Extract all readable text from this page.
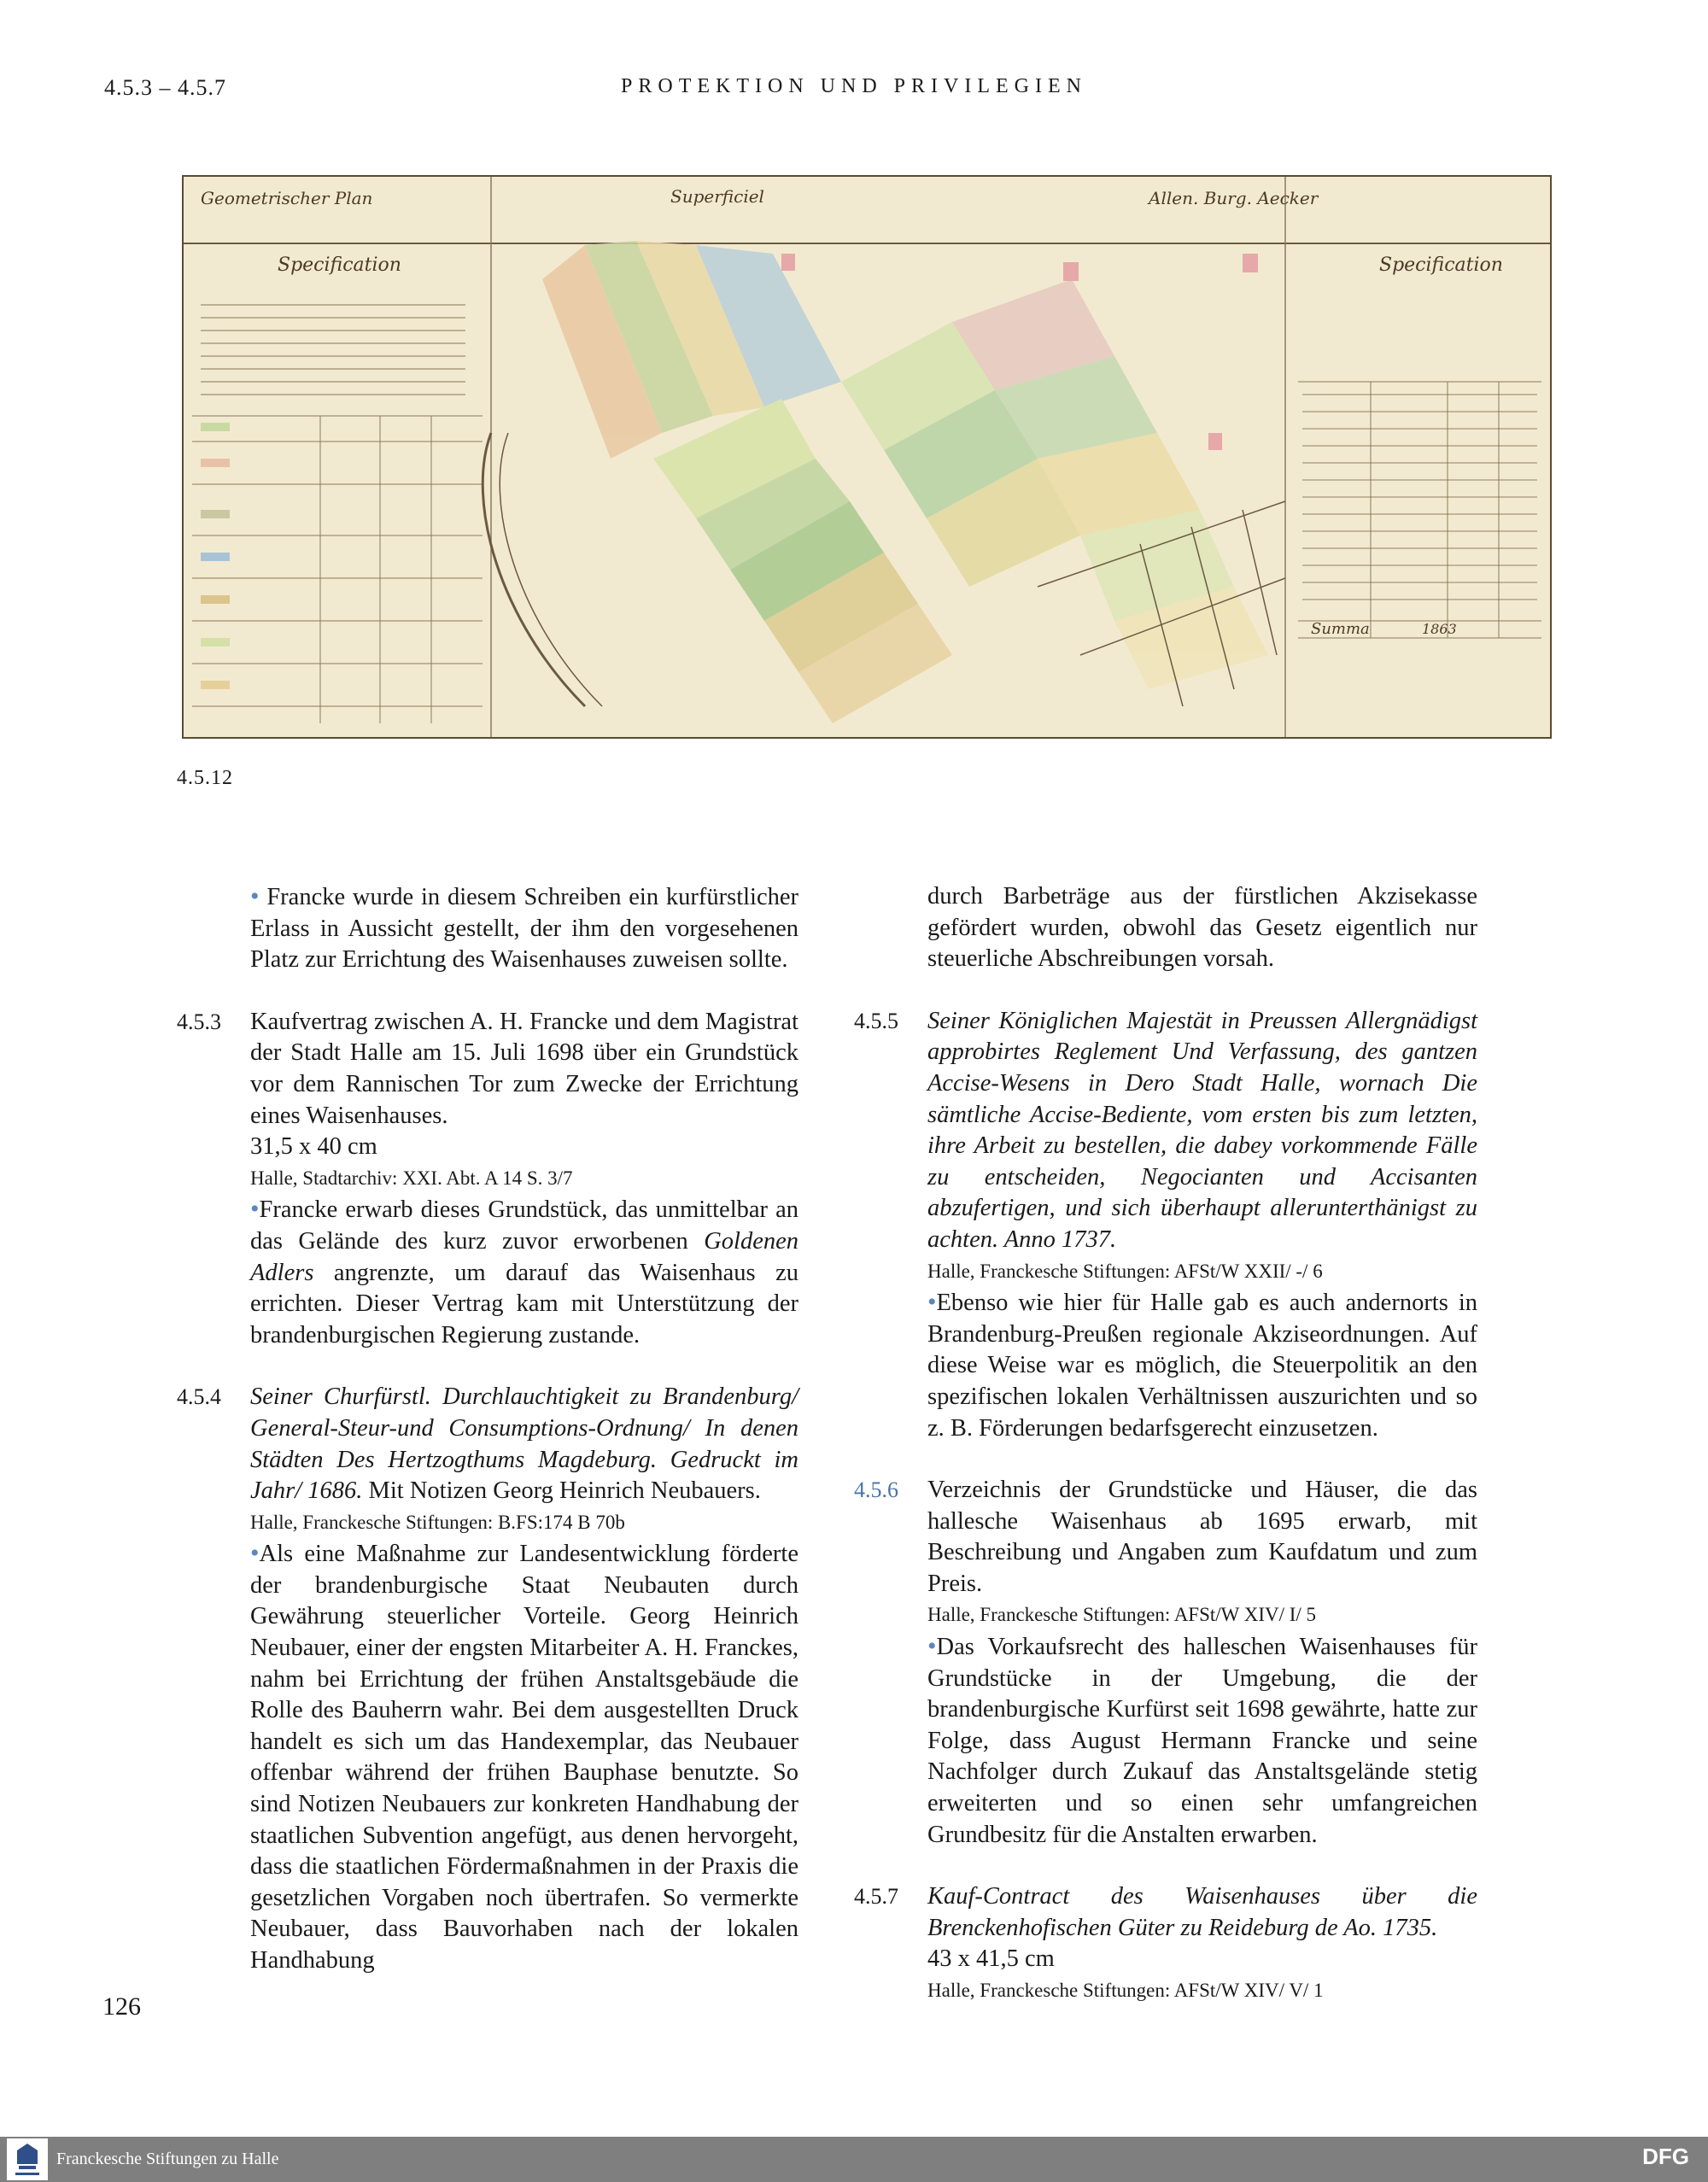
4.5.3 – 4.5.7	PROTEKTION UND PRIVILEGIEN
Geometrischer Plan	Superficiel	Allen. Burg. Aecker
Specification	Specification
Summa	1863
4.5.12
• Francke wurde in diesem Schreiben ein kurfürstlicher Erlass in Aussicht gestellt, der ihm den vorgesehenen Platz zur Errichtung des Waisenhauses zuweisen sollte.
4.5.3 Kaufvertrag zwischen A. H. Francke und dem Magistrat der Stadt Halle am 15. Juli 1698 über ein Grundstück vor dem Rannischen Tor zum Zwecke der Errichtung eines Waisenhauses.
31,5 x 40 cm
Halle, Stadtarchiv: XXI. Abt. A 14 S. 3/7
•Francke erwarb dieses Grundstück, das unmittelbar an das Gelände des kurz zuvor erworbenen Goldenen Adlers angrenzte, um darauf das Waisenhaus zu errichten. Dieser Vertrag kam mit Unterstützung der brandenburgischen Regierung zustande.
4.5.4 Seiner Churfürstl. Durchlauchtigkeit zu Brandenburg/ General-Steur-und Consumptions-Ordnung/ In denen Städten Des Hertzogthums Magdeburg. Gedruckt im Jahr/ 1686. Mit Notizen Georg Heinrich Neubauers.
Halle, Franckesche Stiftungen: B.FS:174 B 70b
•Als eine Maßnahme zur Landesentwicklung förderte der brandenburgische Staat Neubauten durch Gewährung steuerlicher Vorteile. Georg Heinrich Neubauer, einer der engsten Mitarbeiter A. H. Franckes, nahm bei Errichtung der frühen Anstaltsgebäude die Rolle des Bauherrn wahr. Bei dem ausgestellten Druck handelt es sich um das Handexemplar, das Neubauer offenbar während der frühen Bauphase benutzte. So sind Notizen Neubauers zur konkreten Handhabung der staatlichen Subvention angefügt, aus denen hervorgeht, dass die staatlichen Fördermaßnahmen in der Praxis die gesetzlichen Vorgaben noch übertrafen. So vermerkte Neubauer, dass Bauvorhaben nach der lokalen Handhabung
durch Barbeträge aus der fürstlichen Akzisekasse gefördert wurden, obwohl das Gesetz eigentlich nur steuerliche Abschreibungen vorsah.
4.5.5 Seiner Königlichen Majestät in Preussen Allergnädigst approbirtes Reglement Und Verfassung, des gantzen Accise-Wesens in Dero Stadt Halle, wornach Die sämtliche Accise-Bediente, vom ersten bis zum letzten, ihre Arbeit zu bestellen, die dabey vorkommende Fälle zu entscheiden, Negocianten und Accisanten abzufertigen, und sich überhaupt allerunterthänigst zu achten. Anno 1737.
Halle, Franckesche Stiftungen: AFSt/W XXII/ -/ 6
•Ebenso wie hier für Halle gab es auch andernorts in Brandenburg-Preußen regionale Akziseordnungen. Auf diese Weise war es möglich, die Steuerpolitik an den spezifischen lokalen Verhältnissen auszurichten und so z. B. Förderungen bedarfsgerecht einzusetzen.
4.5.6 Verzeichnis der Grundstücke und Häuser, die das hallesche Waisenhaus ab 1695 erwarb, mit Beschreibung und Angaben zum Kaufdatum und zum Preis.
Halle, Franckesche Stiftungen: AFSt/W XIV/ I/ 5
•Das Vorkaufsrecht des halleschen Waisenhauses für Grundstücke in der Umgebung, die der brandenburgische Kurfürst seit 1698 gewährte, hatte zur Folge, dass August Hermann Francke und seine Nachfolger durch Zukauf das Anstaltsgelände stetig erweiterten und so einen sehr umfangreichen Grundbesitz für die Anstalten erwarben.
4.5.7 Kauf-Contract des Waisenhauses über die Brenckenhofischen Güter zu Reideburg de Ao. 1735.
43 x 41,5 cm
Halle, Franckesche Stiftungen: AFSt/W XIV/ V/ 1
126
Franckesche Stiftungen zu Halle	DFG
